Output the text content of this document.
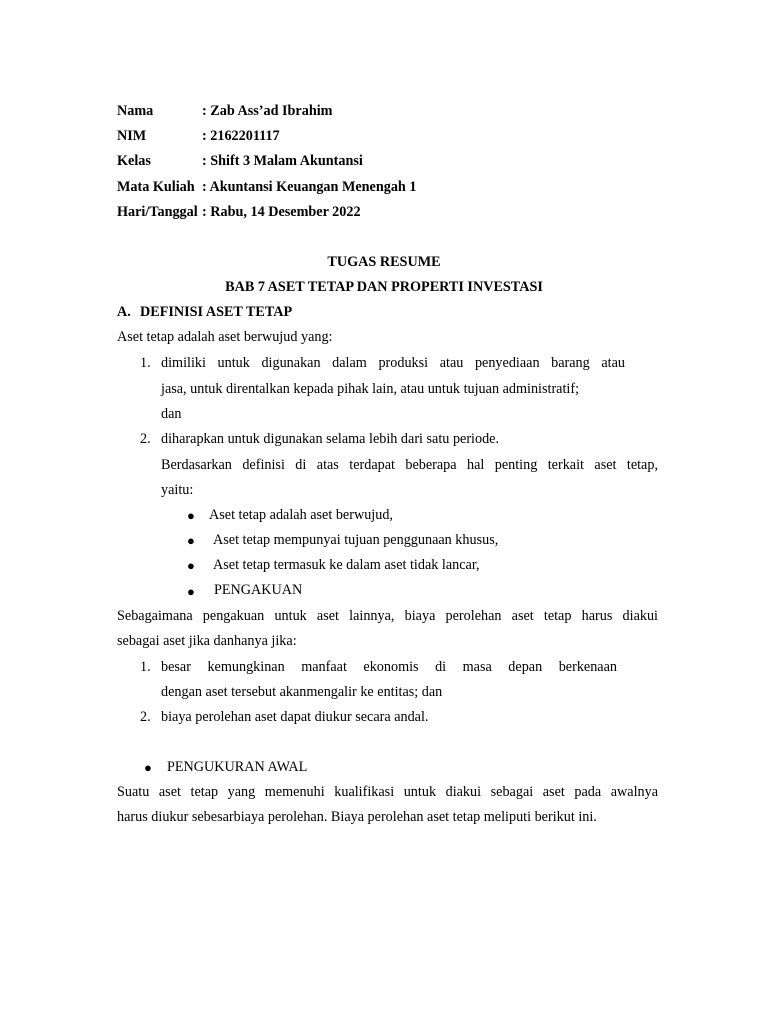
Nama	: Zab Ass’ad Ibrahim
NIM	: 2162201117
Kelas	: Shift 3 Malam Akuntansi
Mata Kuliah : Akuntansi Keuangan Menengah 1
Hari/Tanggal : Rabu, 14 Desember 2022
TUGAS RESUME
BAB 7 ASET TETAP DAN PROPERTI INVESTASI
A. DEFINISI ASET TETAP
Aset tetap adalah aset berwujud yang:
1. dimiliki untuk digunakan dalam produksi atau penyediaan barang atau
jasa, untuk direntalkan kepada pihak lain, atau untuk tujuan administratif;
dan
2. diharapkan untuk digunakan selama lebih dari satu periode.
Berdasarkan definisi di atas terdapat beberapa hal penting terkait aset tetap,
yaitu:
● Aset tetap adalah aset berwujud,
● Aset tetap mempunyai tujuan penggunaan khusus,
● Aset tetap termasuk ke dalam aset tidak lancar,
● PENGAKUAN
Sebagaimana pengakuan untuk aset lainnya, biaya perolehan aset tetap harus diakui
sebagai aset jika danhanya jika:
1. besar kemungkinan manfaat ekonomis di masa depan berkenaan
dengan aset tersebut akanmengalir ke entitas; dan
2. biaya perolehan aset dapat diukur secara andal.
● PENGUKURAN AWAL
Suatu aset tetap yang memenuhi kualifikasi untuk diakui sebagai aset pada awalnya
harus diukur sebesarbiaya perolehan. Biaya perolehan aset tetap meliputi berikut ini.
